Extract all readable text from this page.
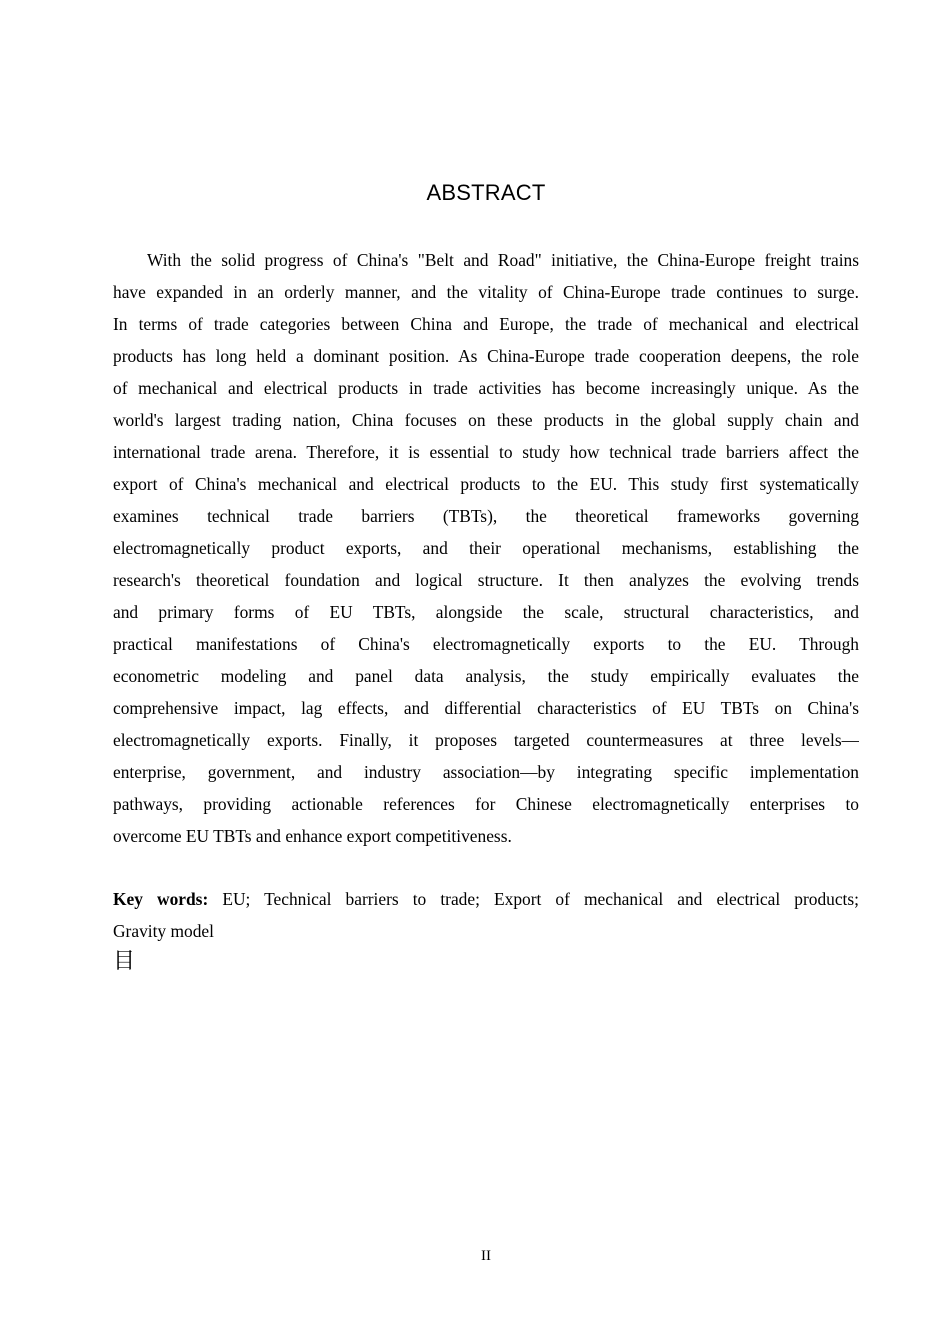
ABSTRACT
With the solid progress of China's "Belt and Road" initiative, the China-Europe freight trains
have expanded in an orderly manner, and the vitality of China-Europe trade continues to surge.
In terms of trade categories between China and Europe, the trade of mechanical and electrical
products has long held a dominant position. As China-Europe trade cooperation deepens, the role
of mechanical and electrical products in trade activities has become increasingly unique. As the
world's largest trading nation, China focuses on these products in the global supply chain and
international trade arena. Therefore, it is essential to study how technical trade barriers affect the
export of China's mechanical and electrical products to the EU. This study first systematically
examines technical trade barriers (TBTs), the theoretical frameworks governing
electromagnetically product exports, and their operational mechanisms, establishing the
research's theoretical foundation and logical structure. It then analyzes the evolving trends
and primary forms of EU TBTs, alongside the scale, structural characteristics, and
practical manifestations of China's electromagnetically exports to the EU. Through
econometric modeling and panel data analysis, the study empirically evaluates the
comprehensive impact, lag effects, and differential characteristics of EU TBTs on China's
electromagnetically exports. Finally, it proposes targeted countermeasures at three levels—
enterprise, government, and industry association—by integrating specific implementation
pathways, providing actionable references for Chinese electromagnetically enterprises to
overcome EU TBTs and enhance export competitiveness.
Key words: EU; Technical barriers to trade; Export of mechanical and electrical products;
Gravity model
目
II
